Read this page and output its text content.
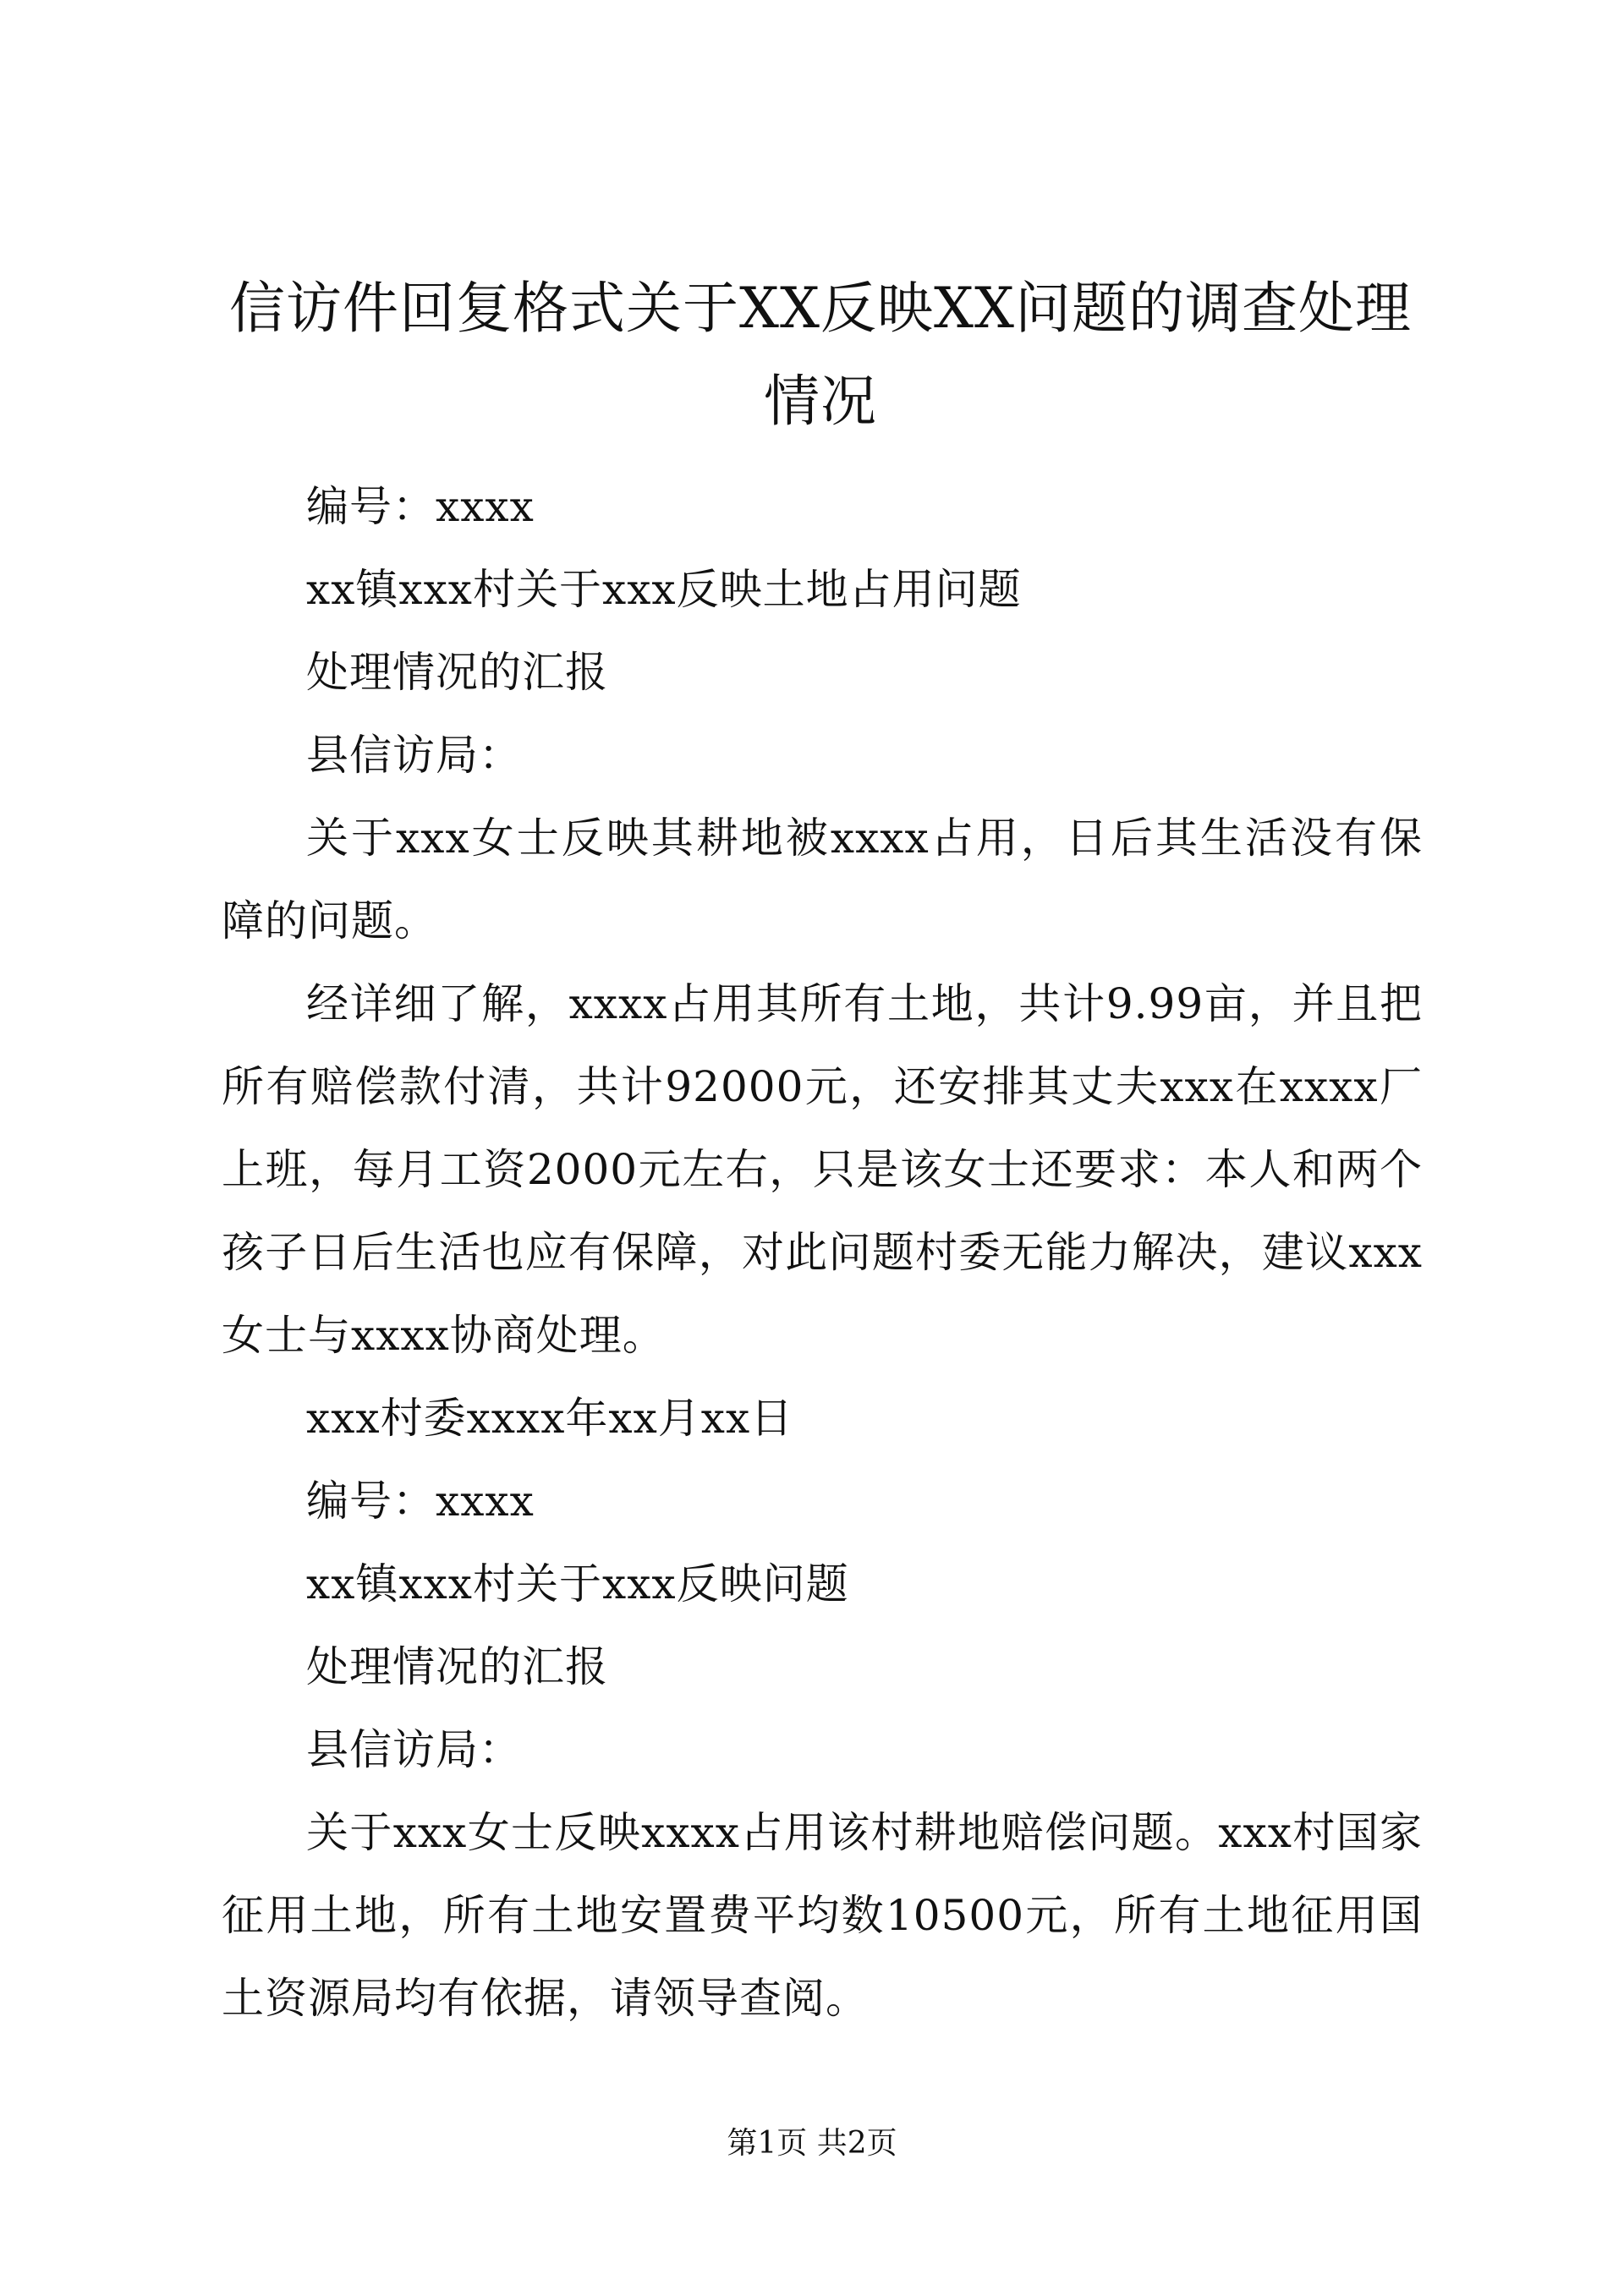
信访件回复格式关于XX反映XX问题的调查处理情况

编号：xxxx

xx镇xxx村关于xxx反映土地占用问题

处理情况的汇报

县信访局：

关于xxx女士反映其耕地被xxxx占用，日后其生活没有保障的问题。

经详细了解，xxxx占用其所有土地，共计9.99亩，并且把所有赔偿款付清，共计92000元，还安排其丈夫xxx在xxxx厂上班，每月工资2000元左右，只是该女士还要求：本人和两个孩子日后生活也应有保障，对此问题村委无能力解决，建议xxx女士与xxxx协商处理。

xxx村委xxxx年xx月xx日

编号：xxxx

xx镇xxx村关于xxx反映问题

处理情况的汇报

县信访局：

关于xxx女士反映xxxx占用该村耕地赔偿问题。xxx村国家征用土地，所有土地安置费平均数10500元，所有土地征用国土资源局均有依据，请领导查阅。

第1页 共2页
